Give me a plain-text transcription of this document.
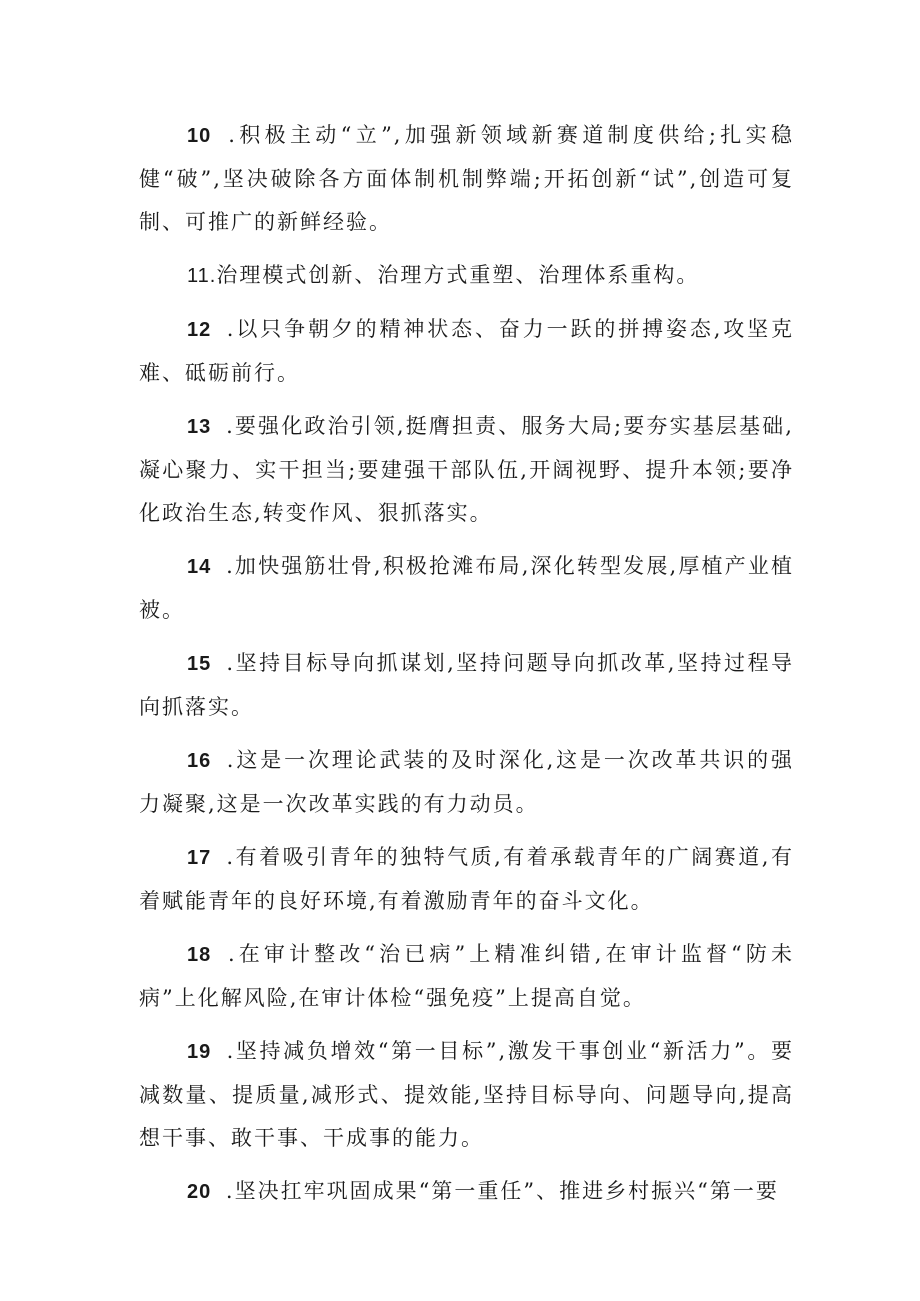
10 .积极主动“立”,加强新领域新赛道制度供给;扎实稳健“破”,坚决破除各方面体制机制弊端;开拓创新“试”,创造可复制、可推广的新鲜经验。

11.治理模式创新、治理方式重塑、治理体系重构。

12 .以只争朝夕的精神状态、奋力一跃的拼搏姿态,攻坚克难、砥砺前行。

13 .要强化政治引领,挺膺担责、服务大局;要夯实基层基础,凝心聚力、实干担当;要建强干部队伍,开阔视野、提升本领;要净化政治生态,转变作风、狠抓落实。

14 .加快强筋壮骨,积极抢滩布局,深化转型发展,厚植产业植被。

15 .坚持目标导向抓谋划,坚持问题导向抓改革,坚持过程导向抓落实。

16 .这是一次理论武装的及时深化,这是一次改革共识的强力凝聚,这是一次改革实践的有力动员。

17 .有着吸引青年的独特气质,有着承载青年的广阔赛道,有着赋能青年的良好环境,有着激励青年的奋斗文化。

18 .在审计整改“治已病”上精准纠错,在审计监督“防未病”上化解风险,在审计体检“强免疫”上提高自觉。

19 .坚持减负增效“第一目标”,激发干事创业“新活力”。要减数量、提质量,减形式、提效能,坚持目标导向、问题导向,提高想干事、敢干事、干成事的能力。

20 .坚决扛牢巩固成果“第一重任”、推进乡村振兴“第一要
